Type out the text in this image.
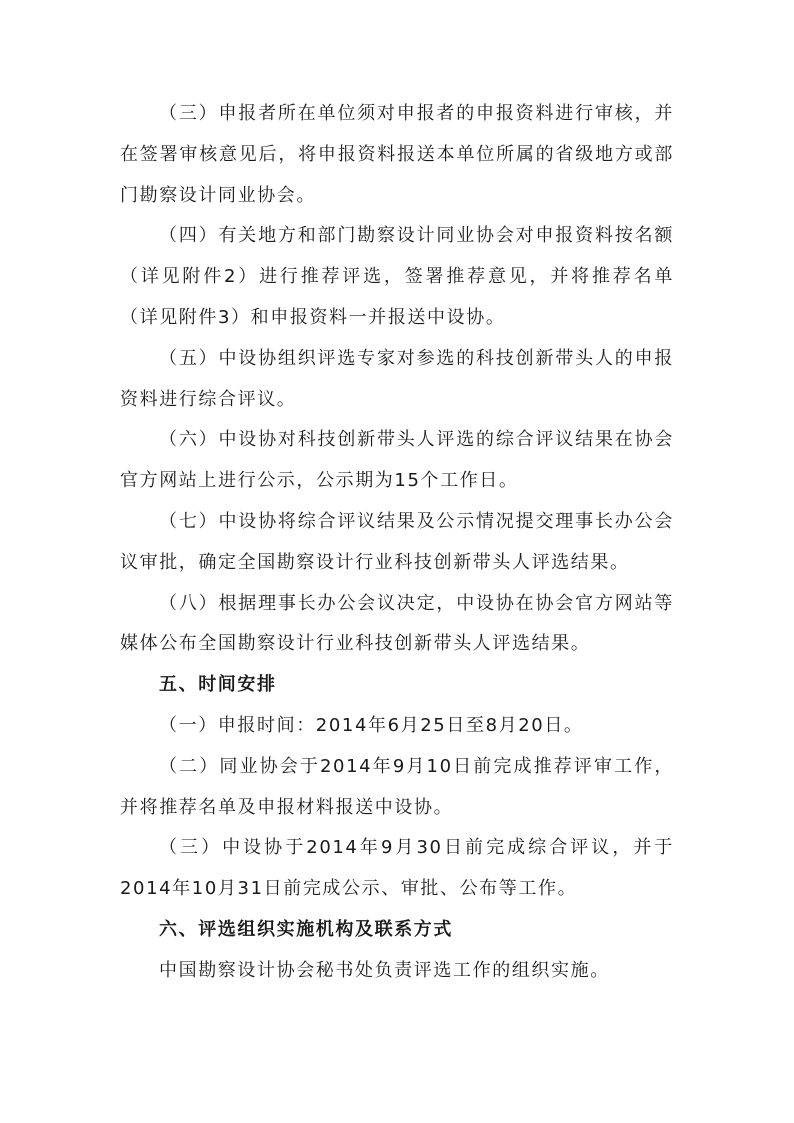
（三）申报者所在单位须对申报者的申报资料进行审核，并在签署审核意见后，将申报资料报送本单位所属的省级地方或部门勘察设计同业协会。

（四）有关地方和部门勘察设计同业协会对申报资料按名额（详见附件2）进行推荐评选，签署推荐意见，并将推荐名单（详见附件3）和申报资料一并报送中设协。

（五）中设协组织评选专家对参选的科技创新带头人的申报资料进行综合评议。

（六）中设协对科技创新带头人评选的综合评议结果在协会官方网站上进行公示，公示期为15个工作日。

（七）中设协将综合评议结果及公示情况提交理事长办公会议审批，确定全国勘察设计行业科技创新带头人评选结果。

（八）根据理事长办公会议决定，中设协在协会官方网站等媒体公布全国勘察设计行业科技创新带头人评选结果。

五、时间安排

（一）申报时间：2014年6月25日至8月20日。

（二）同业协会于2014年9月10日前完成推荐评审工作，并将推荐名单及申报材料报送中设协。

（三）中设协于2014年9月30日前完成综合评议，并于2014年10月31日前完成公示、审批、公布等工作。

六、评选组织实施机构及联系方式

中国勘察设计协会秘书处负责评选工作的组织实施。
